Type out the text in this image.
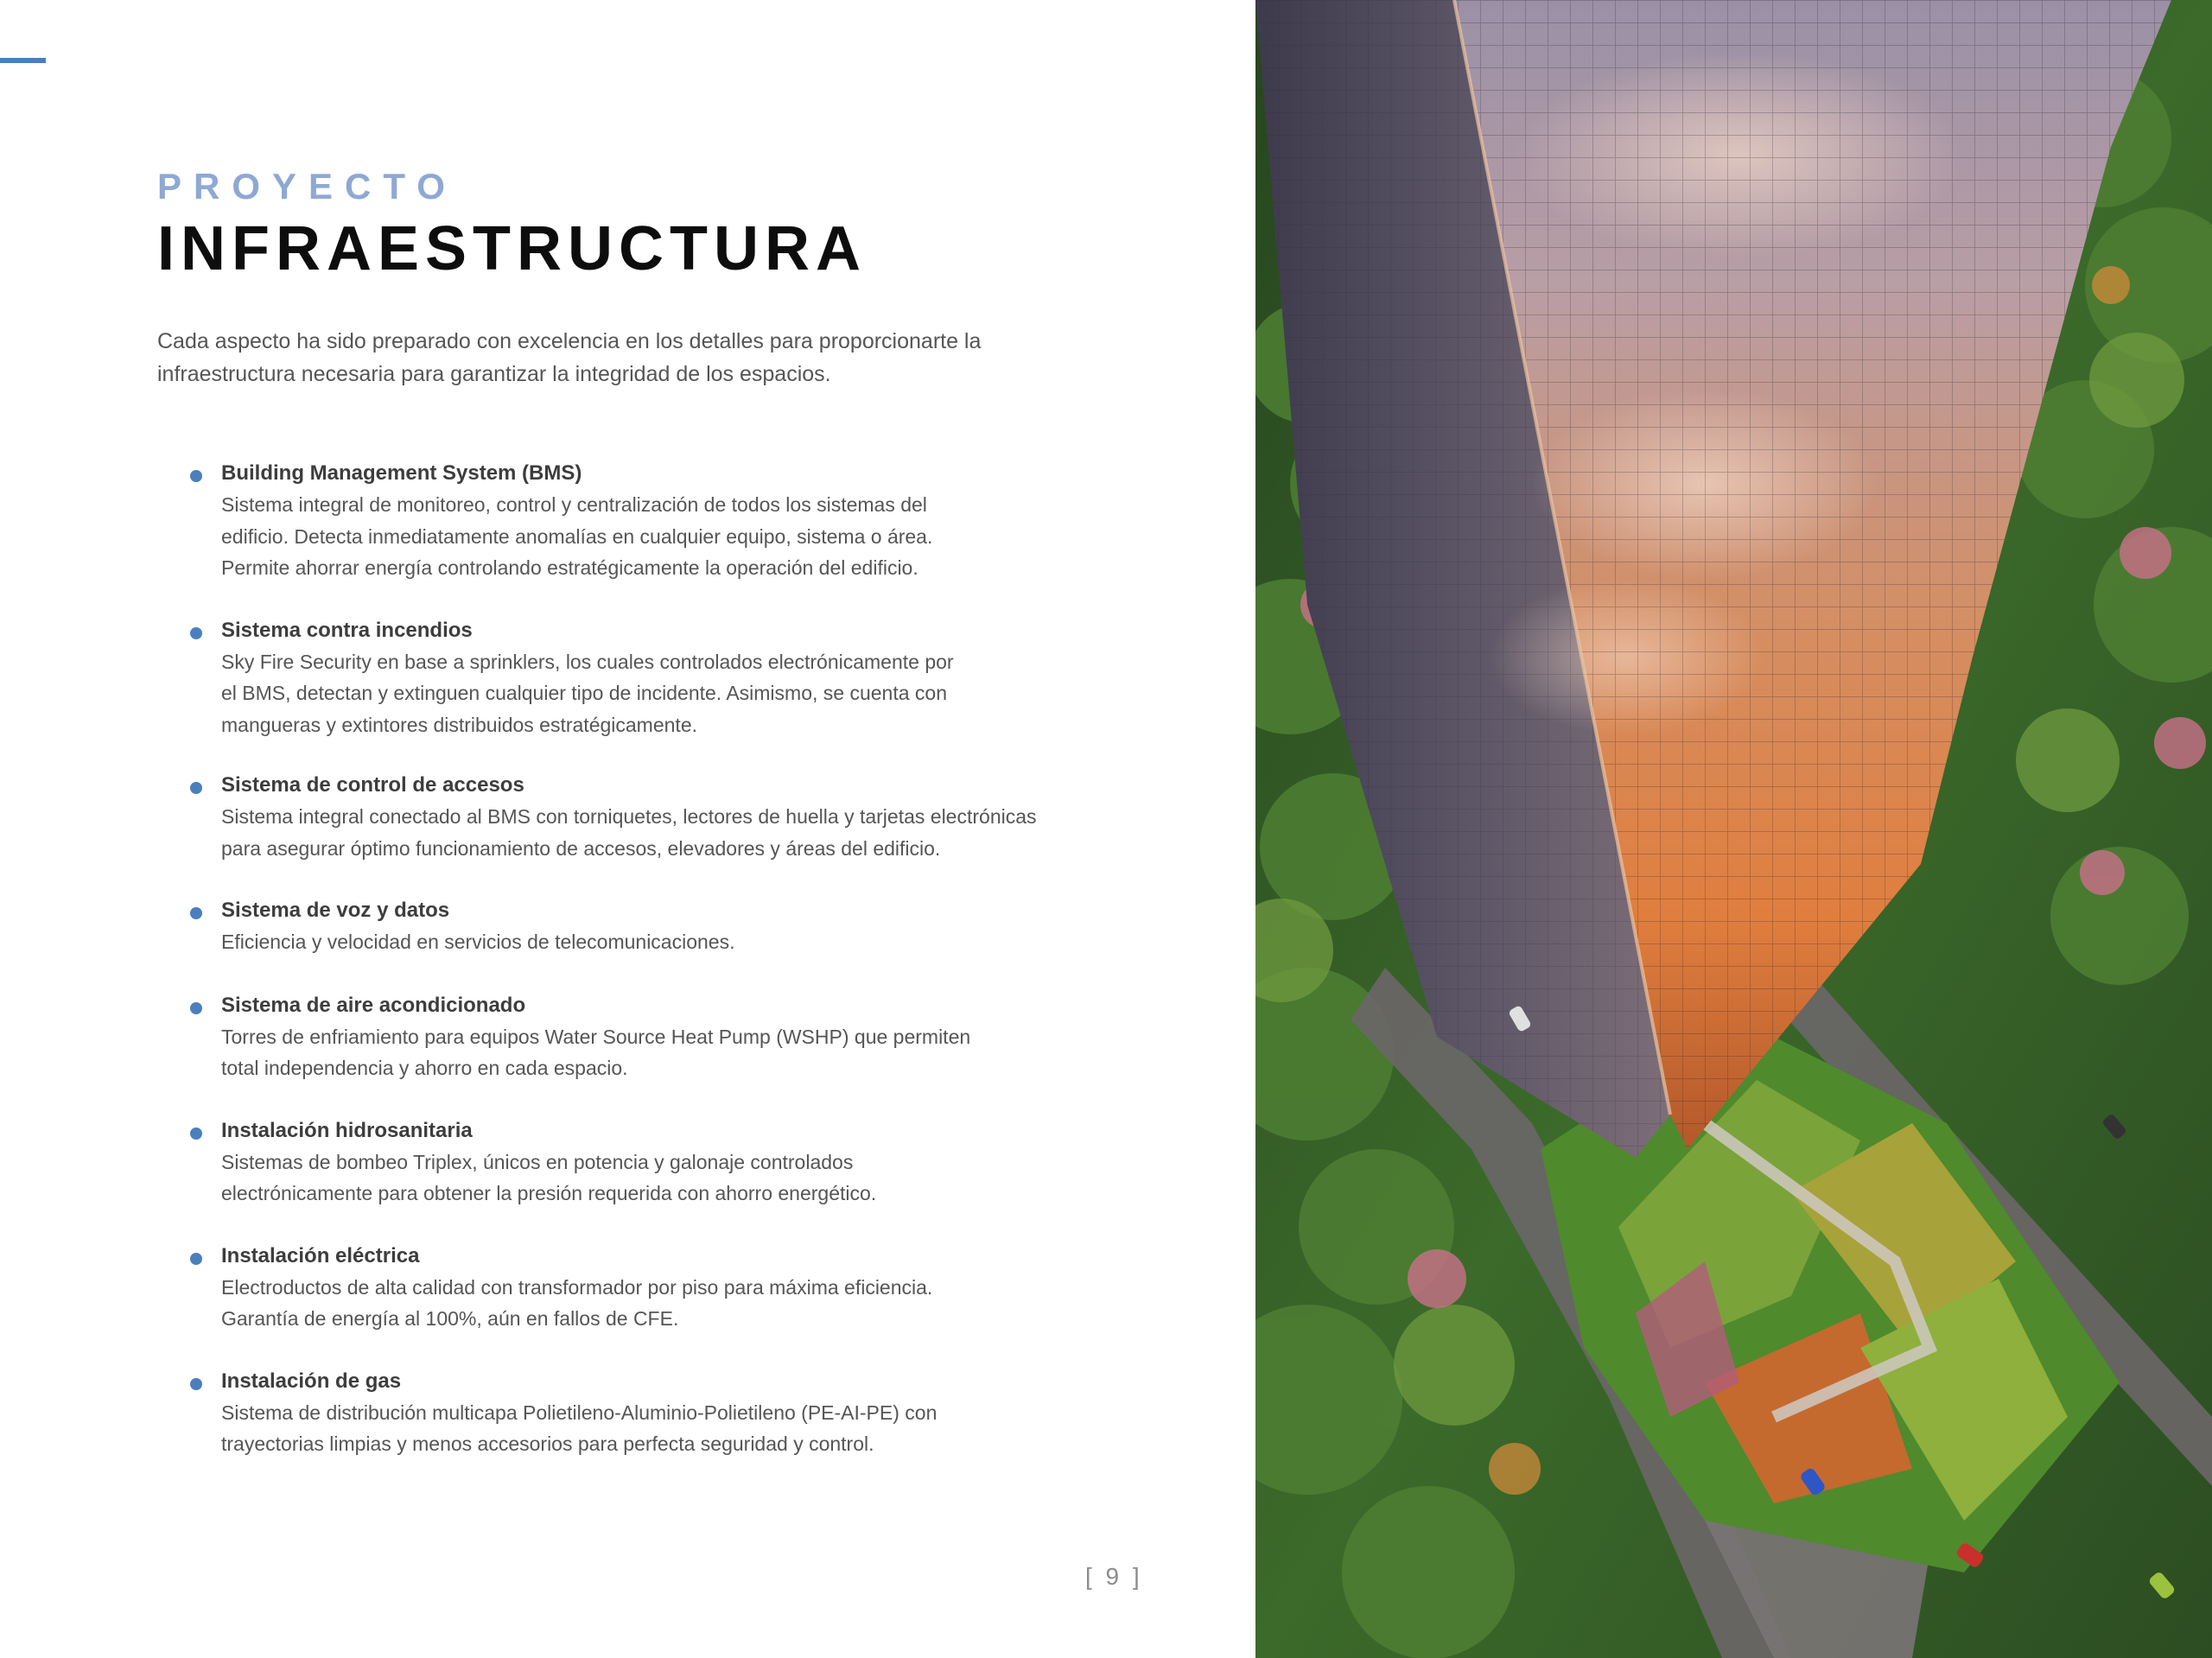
PROYECTO
INFRAESTRUCTURA

Cada aspecto ha sido preparado con excelencia en los detalles para proporcionarte la infraestructura necesaria para garantizar la integridad de los espacios.

Building Management System (BMS)
Sistema integral de monitoreo, control y centralización de todos los sistemas del
edificio. Detecta inmediatamente anomalías en cualquier equipo, sistema o área.
Permite ahorrar energía controlando estratégicamente la operación del edificio.
Sistema contra incendios
Sky Fire Security en base a sprinklers, los cuales controlados electrónicamente por
el BMS, detectan y extinguen cualquier tipo de incidente. Asimismo, se cuenta con
mangueras y extintores distribuidos estratégicamente.
Sistema de control de accesos
Sistema integral conectado al BMS con torniquetes, lectores de huella y tarjetas electrónicas
para asegurar óptimo funcionamiento de accesos, elevadores y áreas del edificio.
Sistema de voz y datos
Eficiencia y velocidad en servicios de telecomunicaciones.
Sistema de aire acondicionado
Torres de enfriamiento para equipos Water Source Heat Pump (WSHP) que permiten
total independencia y ahorro en cada espacio.
Instalación hidrosanitaria
Sistemas de bombeo Triplex, únicos en potencia y galonaje controlados
electrónicamente para obtener la presión requerida con ahorro energético.
Instalación eléctrica
Electroductos de alta calidad con transformador por piso para máxima eficiencia.
Garantía de energía al 100%, aún en fallos de CFE.
Instalación de gas
Sistema de distribución multicapa Polietileno-Aluminio-Polietileno (PE-AI-PE) con
trayectorias limpias y menos accesorios para perfecta seguridad y control.
[ 9 ]
